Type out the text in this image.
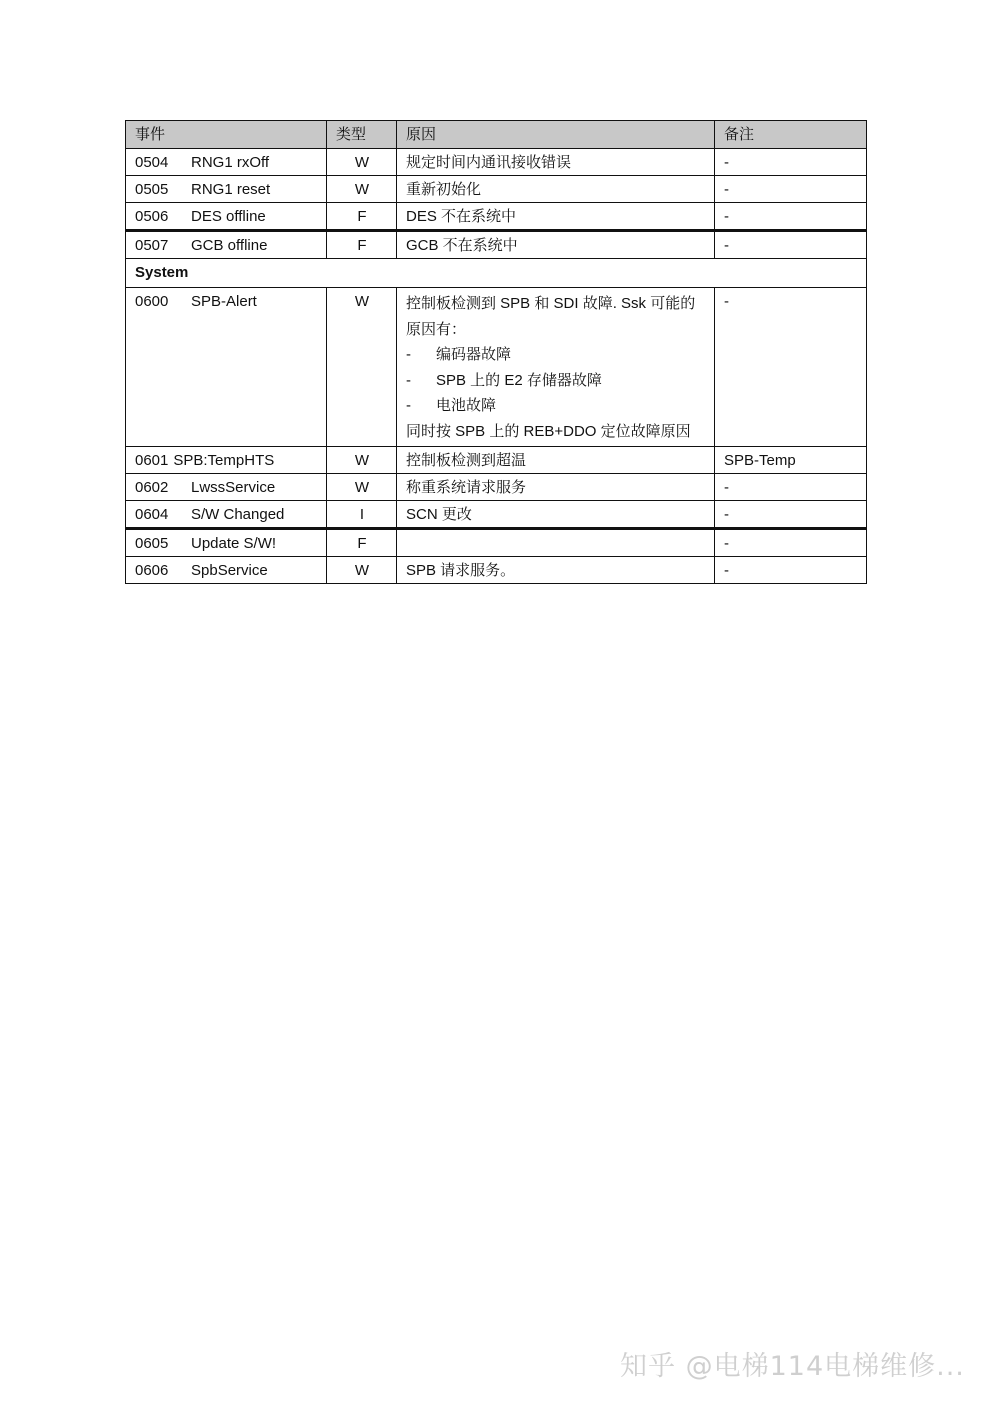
事件	类型	原因	备注
0504 RNG1 rxOff	W	规定时间内通讯接收错误	-
0505 RNG1 reset	W	重新初始化	-
0506 DES offline	F	DES 不在系统中	-
0507 GCB offline	F	GCB 不在系统中	-
System			
0600 SPB-Alert	W	控制板检测到 SPB 和 SDI 故障. Ssk 可能的原因有：
- 编码器故障
- SPB 上的 E2 存储器故障
- 电池故障
同时按 SPB 上的 REB+DDO 定位故障原因	-
0601 SPB:TempHTS	W	控制板检测到超温	SPB-Temp
0602 LwssService	W	称重系统请求服务	-
0604 S/W Changed	I	SCN 更改	-
0605 Update S/W!	F		-
0606 SpbService	W	SPB 请求服务。	-
知乎 @电梯114电梯维修...
